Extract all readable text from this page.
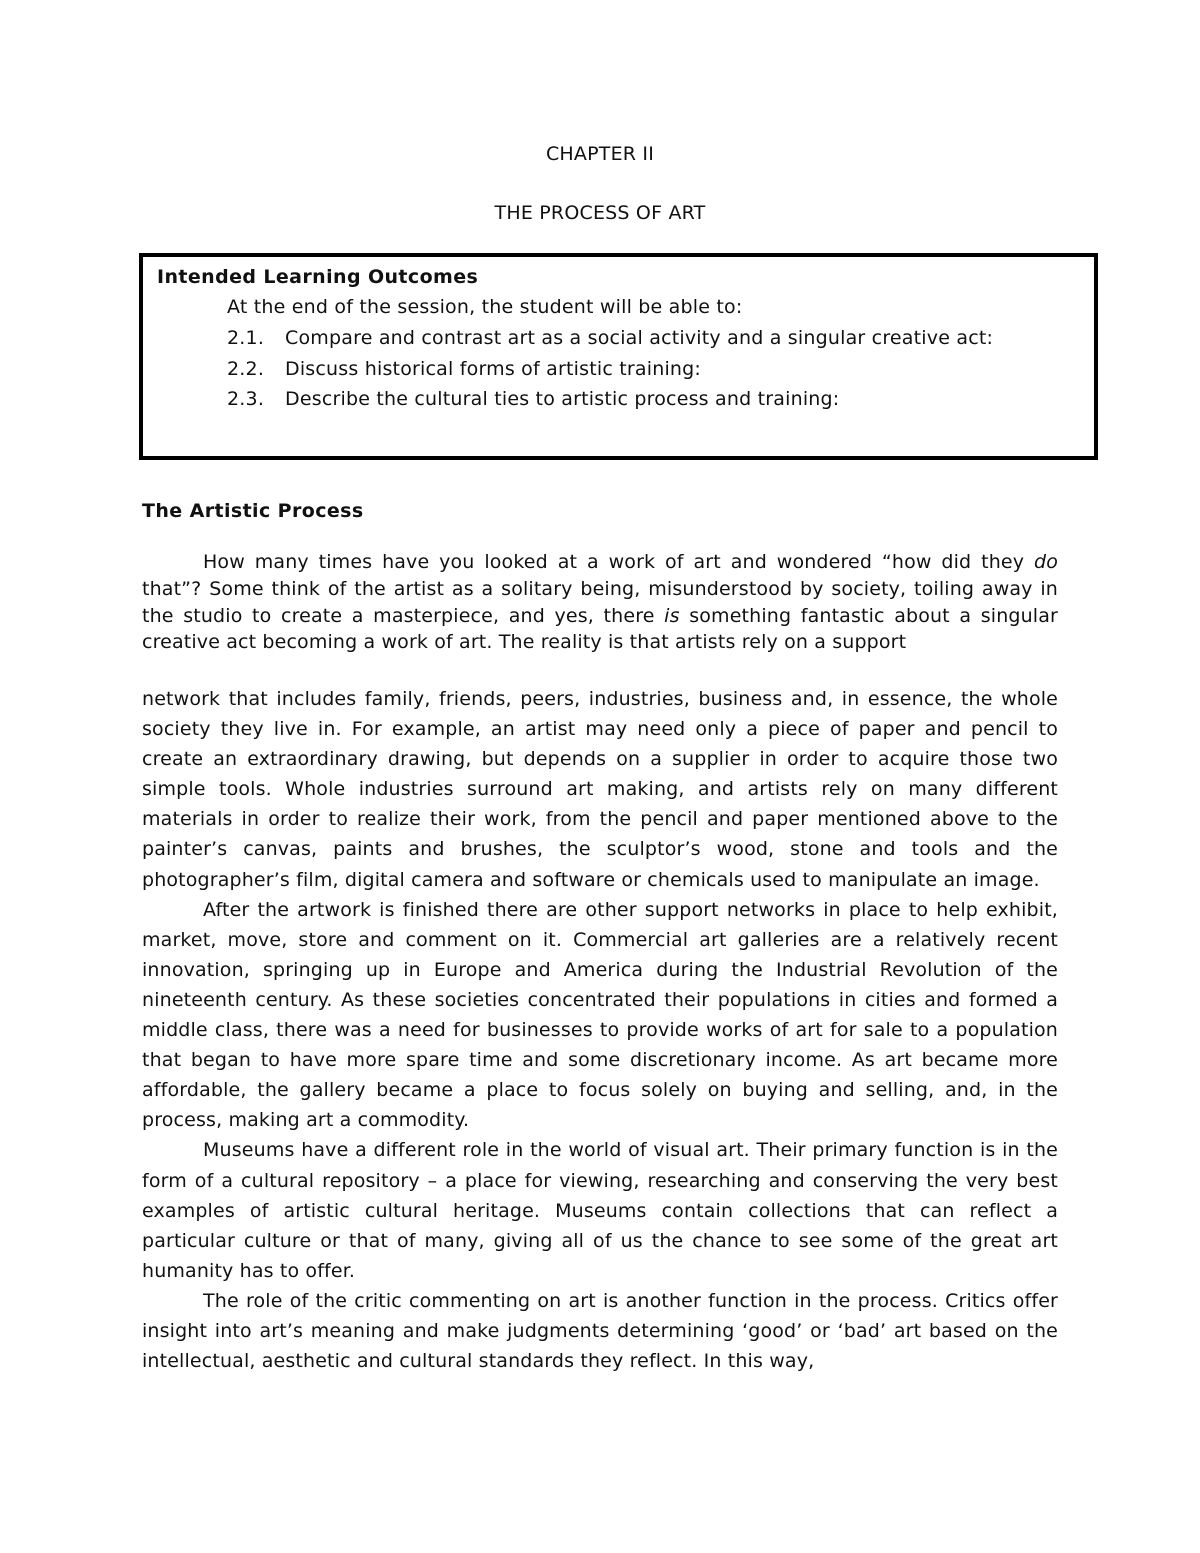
CHAPTER II
THE PROCESS OF ART
Intended Learning Outcomes
At the end of the session, the student will be able to:
2.1. Compare and contrast art as a social activity and a singular creative act:
2.2. Discuss historical forms of artistic training:
2.3. Describe the cultural ties to artistic process and training:
The Artistic Process

How many times have you looked at a work of art and wondered “how did they do that”? Some think of the artist as a solitary being, misunderstood by society, toiling away in the studio to create a masterpiece, and yes, there is something fantastic about a singular creative act becoming a work of art. The reality is that artists rely on a support

network that includes family, friends, peers, industries, business and, in essence, the whole society they live in. For example, an artist may need only a piece of paper and pencil to create an extraordinary drawing, but depends on a supplier in order to acquire those two simple tools. Whole industries surround art making, and artists rely on many different materials in order to realize their work, from the pencil and paper mentioned above to the painter’s canvas, paints and brushes, the sculptor’s wood, stone and tools and the photographer’s film, digital camera and software or chemicals used to manipulate an image.

After the artwork is finished there are other support networks in place to help exhibit, market, move, store and comment on it. Commercial art galleries are a relatively recent innovation, springing up in Europe and America during the Industrial Revolution of the nineteenth century. As these societies concentrated their populations in cities and formed a middle class, there was a need for businesses to provide works of art for sale to a population that began to have more spare time and some discretionary income. As art became more affordable, the gallery became a place to focus solely on buying and selling, and, in the process, making art a commodity.

Museums have a different role in the world of visual art. Their primary function is in the form of a cultural repository – a place for viewing, researching and conserving the very best examples of artistic cultural heritage. Museums contain collections that can reflect a particular culture or that of many, giving all of us the chance to see some of the great art humanity has to offer.

The role of the critic commenting on art is another function in the process. Critics offer insight into art’s meaning and make judgments determining ‘good’ or ‘bad’ art based on the intellectual, aesthetic and cultural standards they reflect. In this way,
